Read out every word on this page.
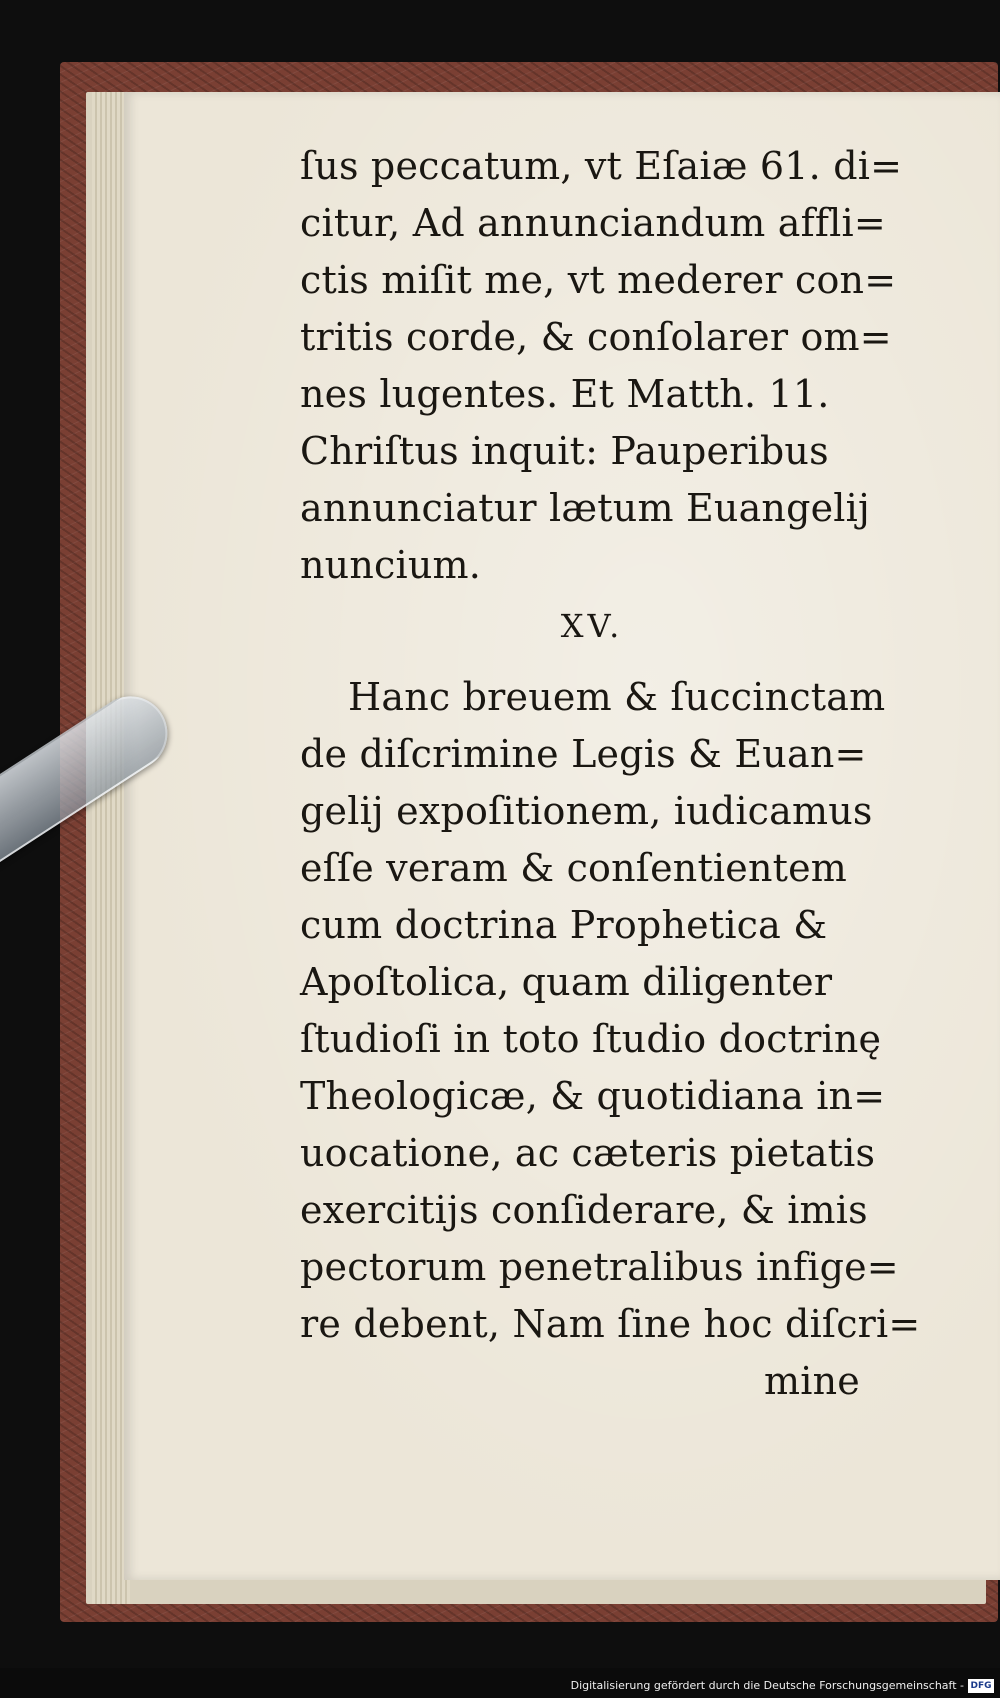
ſus peccatum, vt Eſaiæ 61. di=
citur, Ad annunciandum affli=
ctis miſit me, vt mederer con=
tritis corde, & conſolarer om=
nes lugentes. Et Matth. 11.
Chriſtus inquit: Pauperibus
annunciatur lætum Euangelij
nuncium.
XV.
Hanc breuem & ſuccinctam
de diſcrimine Legis & Euan=
gelij expoſitionem, iudicamus
eſſe veram & conſentientem
cum doctrina Prophetica &
Apoſtolica, quam diligenter
ſtudioſi in toto ſtudio doctrinę
Theologicæ, & quotidiana in=
uocatione, ac cæteris pietatis
exercitijs conſiderare, & imis
pectorum penetralibus infige=
re debent, Nam ſine hoc diſcri=
mine
Digitalisierung gefördert durch die Deutsche Forschungsgemeinschaft - DFG
